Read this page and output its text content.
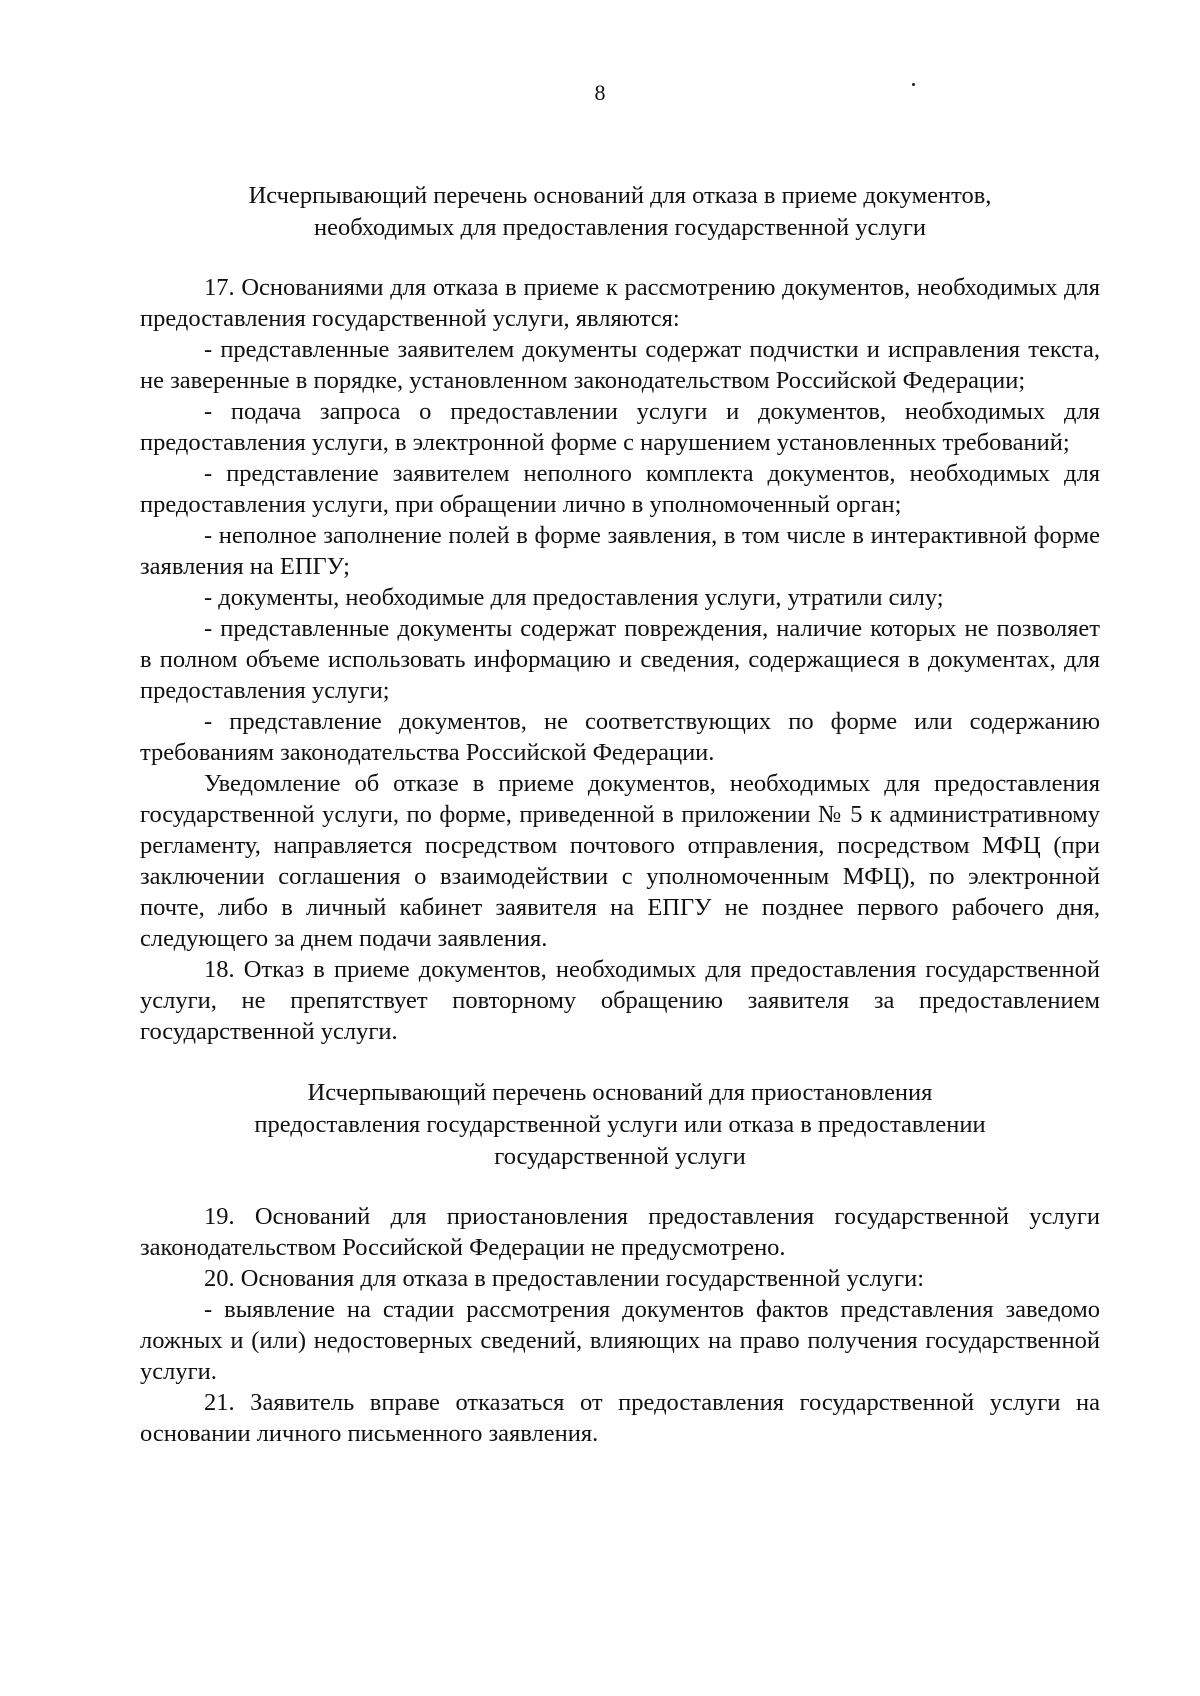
8
Исчерпывающий перечень оснований для отказа в приеме документов,
необходимых для предоставления государственной услуги

17. Основаниями для отказа в приеме к рассмотрению документов, необходимых для предоставления государственной услуги, являются:

- представленные заявителем документы содержат подчистки и исправления текста, не заверенные в порядке, установленном законодательством Российской Федерации;

- подача запроса о предоставлении услуги и документов, необходимых для предоставления услуги, в электронной форме с нарушением установленных требований;

- представление заявителем неполного комплекта документов, необходимых для предоставления услуги, при обращении лично в уполномоченный орган;

- неполное заполнение полей в форме заявления, в том числе в интерактивной форме заявления на ЕПГУ;

- документы, необходимые для предоставления услуги, утратили силу;

- представленные документы содержат повреждения, наличие которых не позволяет в полном объеме использовать информацию и сведения, содержащиеся в документах, для предоставления услуги;

- представление документов, не соответствующих по форме или содержанию требованиям законодательства Российской Федерации.

Уведомление об отказе в приеме документов, необходимых для предоставления государственной услуги, по форме, приведенной в приложении № 5 к административному регламенту, направляется посредством почтового отправления, посредством МФЦ (при заключении соглашения о взаимодействии с уполномоченным МФЦ), по электронной почте, либо в личный кабинет заявителя на ЕПГУ не позднее первого рабочего дня, следующего за днем подачи заявления.

18. Отказ в приеме документов, необходимых для предоставления государственной услуги, не препятствует повторному обращению заявителя за предоставлением государственной услуги.

Исчерпывающий перечень оснований для приостановления
предоставления государственной услуги или отказа в предоставлении
государственной услуги

19. Оснований для приостановления предоставления государственной услуги законодательством Российской Федерации не предусмотрено.

20. Основания для отказа в предоставлении государственной услуги:

- выявление на стадии рассмотрения документов фактов представления заведомо ложных и (или) недостоверных сведений, влияющих на право получения государственной услуги.

21. Заявитель вправе отказаться от предоставления государственной услуги на основании личного письменного заявления.
